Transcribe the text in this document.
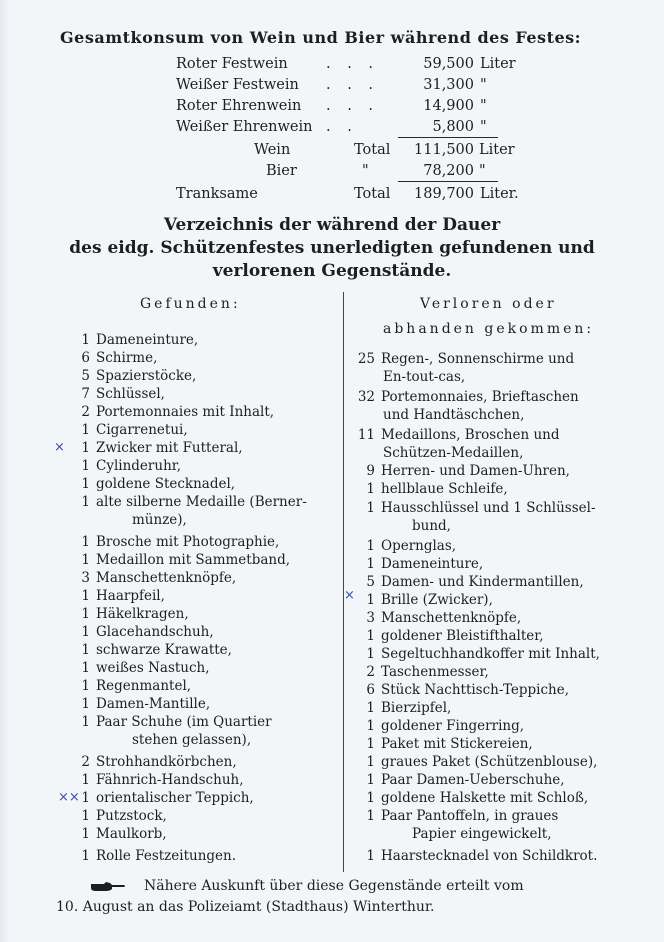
Gesamtkonsum von Wein und Bier während des Festes:
Roter Festwein	. . .	59,500 Liter
Weißer Festwein . . .	31,300 "
Roter Ehrenwein . . .	14,900 "
Weißer Ehrenwein . .	5,800 "
Wein	Total	111,500 Liter
Bier	"	78,200 "
Tranksame	Total	189,700 Liter.
Verzeichnis der während der Dauer
des eidg. Schützenfestes unerledigten gefundenen und
verlorenen Gegenstände.
Gefunden:	Verloren oder
abhanden gekommen:
1 Dameneinture,
6 Schirme,
5 Spazierstöcke,
7 Schlüssel,
2 Portemonnaies mit Inhalt,
1 Cigarrenetui,
1 Zwicker mit Futteral,
1 Cylinderuhr,
1 goldene Stecknadel,
1 alte silberne Medaille (Berner-
münze),
1 Brosche mit Photographie,
1 Medaillon mit Sammetband,
3 Manschettenknöpfe,
1 Haarpfeil,
1 Häkelkragen,
1 Glacehandschuh,
1 schwarze Krawatte,
1 weißes Nastuch,
1 Regenmantel,
1 Damen-Mantille,
1 Paar Schuhe (im Quartier
stehen gelassen),
2 Strohhandkörbchen,
1 Fähnrich-Handschuh,
1 orientalischer Teppich,
1 Putzstock,
1 Maulkorb,
1 Rolle Festzeitungen.
×
×
××
25 Regen-, Sonnenschirme und
En-tout-cas,
32 Portemonnaies, Brieftaschen
und Handtäschchen,
11 Medaillons, Broschen und
Schützen-Medaillen,
9 Herren- und Damen-Uhren,
1 hellblaue Schleife,
1 Hausschlüssel und 1 Schlüssel-
bund,
1 Opernglas,
1 Dameneinture,
5 Damen- und Kindermantillen,
1 Brille (Zwicker),
3 Manschettenknöpfe,
1 goldener Bleistifthalter,
1 Segeltuchhandkoffer mit Inhalt,
2 Taschenmesser,
6 Stück Nachttisch-Teppiche,
1 Bierzipfel,
1 goldener Fingerring,
1 Paket mit Stickereien,
1 graues Paket (Schützenblouse),
1 Paar Damen-Ueberschuhe,
1 goldene Halskette mit Schloß,
1 Paar Pantoffeln, in graues
Papier eingewickelt,
1 Haarstecknadel von Schildkrot.
Nähere Auskunft über diese Gegenstände erteilt vom
10. August an das Polizeiamt (Stadthaus) Winterthur.
